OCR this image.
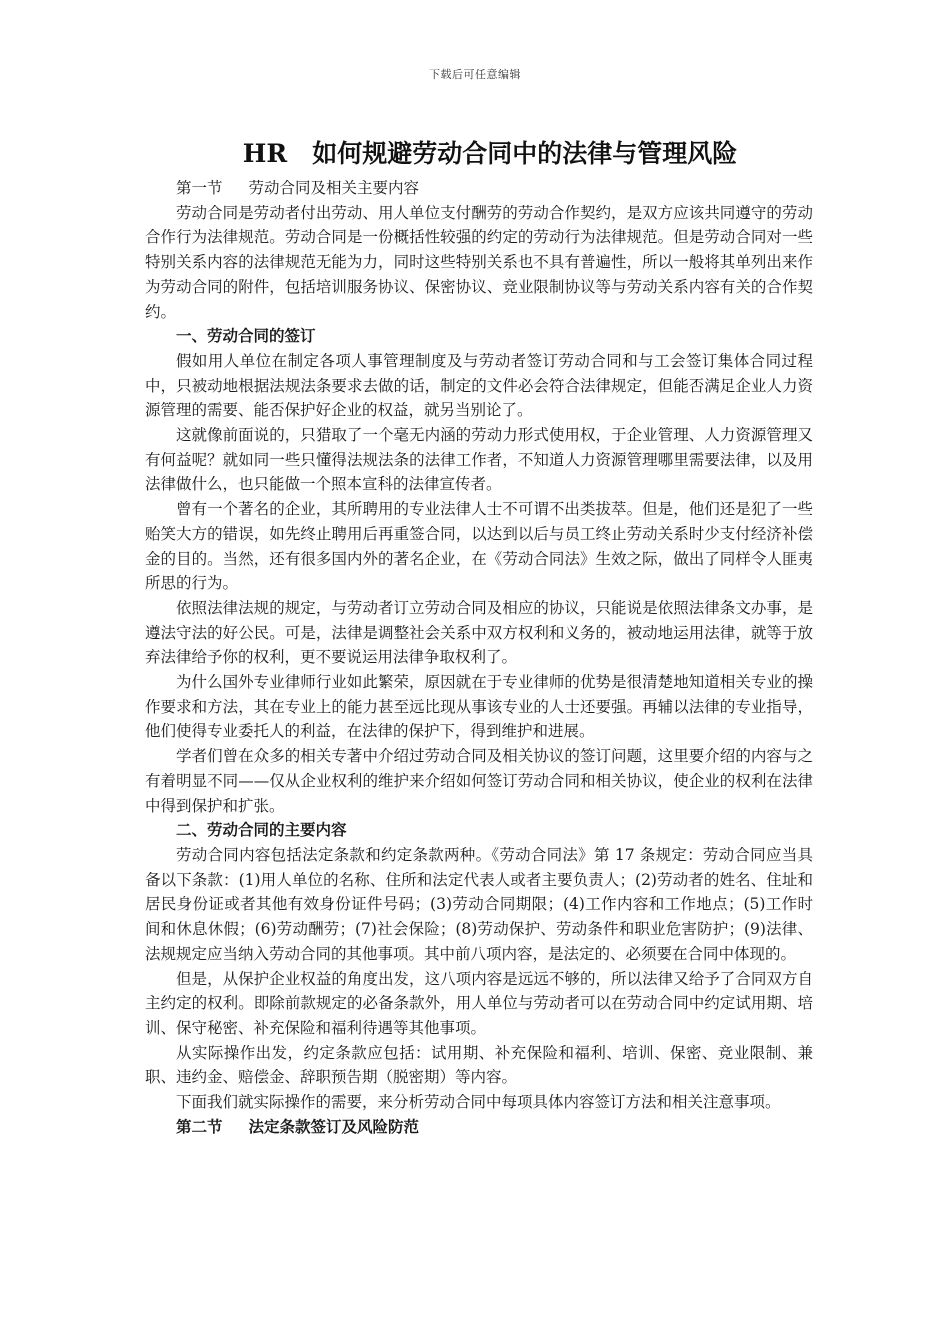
下载后可任意编辑
HR　如何规避劳动合同中的法律与管理风险

第一节 劳动合同及相关主要内容

劳动合同是劳动者付出劳动、用人单位支付酬劳的劳动合作契约，是双方应该共同遵守的劳动合作行为法律规范。劳动合同是一份概括性较强的约定的劳动行为法律规范。但是劳动合同对一些特别关系内容的法律规范无能为力，同时这些特别关系也不具有普遍性，所以一般将其单列出来作为劳动合同的附件，包括培训服务协议、保密协议、竞业限制协议等与劳动关系内容有关的合作契约。

一、劳动合同的签订

假如用人单位在制定各项人事管理制度及与劳动者签订劳动合同和与工会签订集体合同过程中，只被动地根据法规法条要求去做的话，制定的文件必会符合法律规定，但能否满足企业人力资源管理的需要、能否保护好企业的权益，就另当别论了。

这就像前面说的，只猎取了一个毫无内涵的劳动力形式使用权，于企业管理、人力资源管理又有何益呢？就如同一些只懂得法规法条的法律工作者，不知道人力资源管理哪里需要法律，以及用法律做什么，也只能做一个照本宣科的法律宣传者。

曾有一个著名的企业，其所聘用的专业法律人士不可谓不出类拔萃。但是，他们还是犯了一些贻笑大方的错误，如先终止聘用后再重签合同，以达到以后与员工终止劳动关系时少支付经济补偿金的目的。当然，还有很多国内外的著名企业，在《劳动合同法》生效之际，做出了同样令人匪夷所思的行为。

依照法律法规的规定，与劳动者订立劳动合同及相应的协议，只能说是依照法律条文办事，是遵法守法的好公民。可是，法律是调整社会关系中双方权利和义务的，被动地运用法律，就等于放弃法律给予你的权利，更不要说运用法律争取权利了。

为什么国外专业律师行业如此繁荣，原因就在于专业律师的优势是很清楚地知道相关专业的操作要求和方法，其在专业上的能力甚至远比现从事该专业的人士还要强。再辅以法律的专业指导，他们使得专业委托人的利益，在法律的保护下，得到维护和进展。

学者们曾在众多的相关专著中介绍过劳动合同及相关协议的签订问题，这里要介绍的内容与之有着明显不同——仅从企业权利的维护来介绍如何签订劳动合同和相关协议，使企业的权利在法律中得到保护和扩张。

二、劳动合同的主要内容

劳动合同内容包括法定条款和约定条款两种。《劳动合同法》第 17 条规定：劳动合同应当具备以下条款：(1)用人单位的名称、住所和法定代表人或者主要负责人；(2)劳动者的姓名、住址和居民身份证或者其他有效身份证件号码；(3)劳动合同期限；(4)工作内容和工作地点；(5)工作时间和休息休假；(6)劳动酬劳；(7)社会保险；(8)劳动保护、劳动条件和职业危害防护；(9)法律、法规规定应当纳入劳动合同的其他事项。其中前八项内容，是法定的、必须要在合同中体现的。

但是，从保护企业权益的角度出发，这八项内容是远远不够的，所以法律又给予了合同双方自主约定的权利。即除前款规定的必备条款外，用人单位与劳动者可以在劳动合同中约定试用期、培训、保守秘密、补充保险和福利待遇等其他事项。

从实际操作出发，约定条款应包括：试用期、补充保险和福利、培训、保密、竞业限制、兼职、违约金、赔偿金、辞职预告期（脱密期）等内容。

下面我们就实际操作的需要，来分析劳动合同中每项具体内容签订方法和相关注意事项。

第二节 法定条款签订及风险防范
